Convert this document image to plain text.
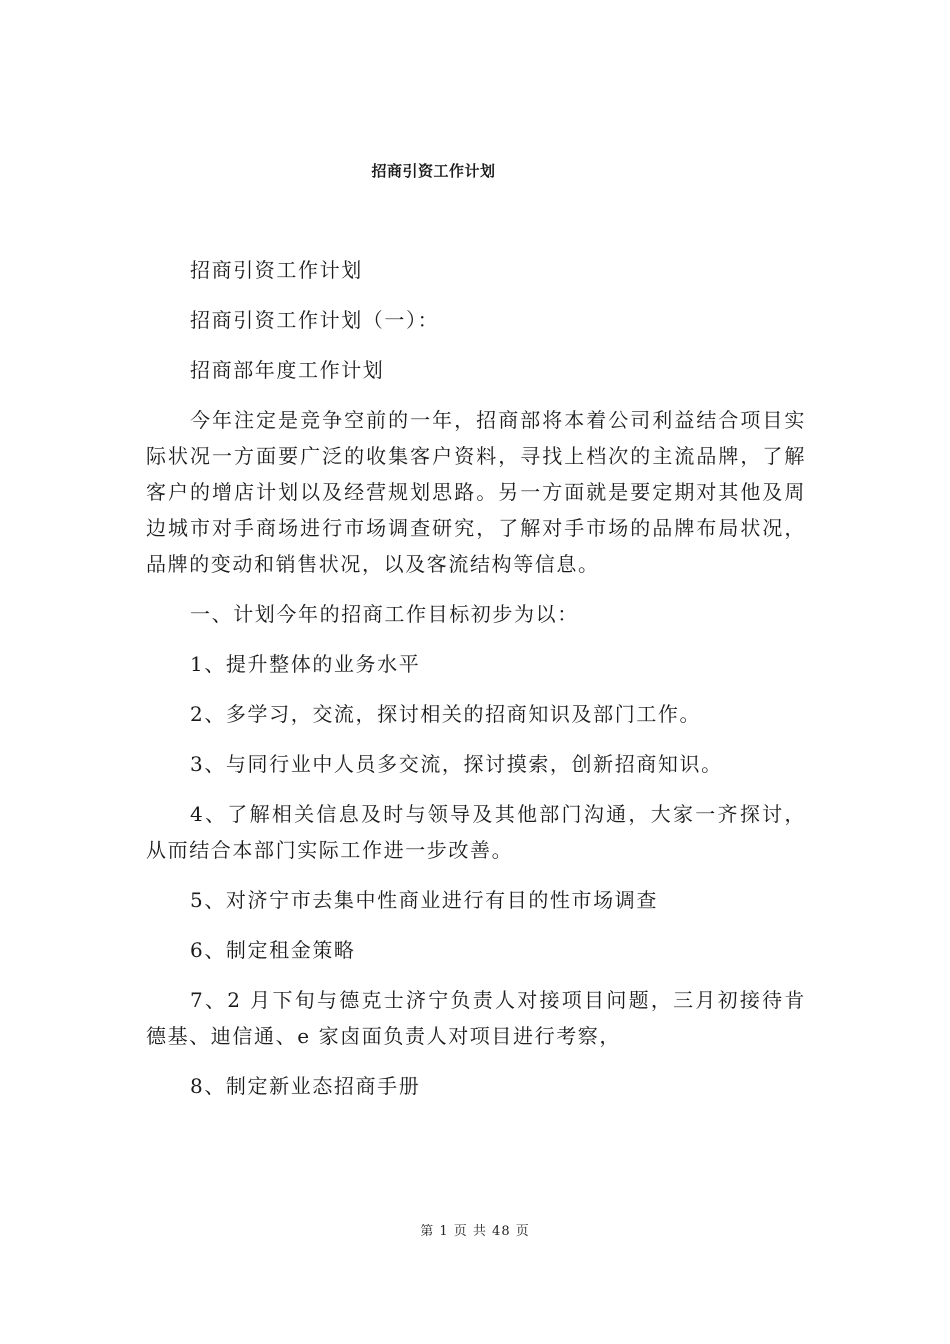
招商引资工作计划

招商引资工作计划

招商引资工作计划（一）：

招商部年度工作计划

今年注定是竞争空前的一年，招商部将本着公司利益结合项目实际状况一方面要广泛的收集客户资料，寻找上档次的主流品牌，了解客户的增店计划以及经营规划思路。另一方面就是要定期对其他及周边城市对手商场进行市场调查研究，了解对手市场的品牌布局状况，品牌的变动和销售状况，以及客流结构等信息。

一、计划今年的招商工作目标初步为以：

1、提升整体的业务水平

2、多学习，交流，探讨相关的招商知识及部门工作。

3、与同行业中人员多交流，探讨摸索，创新招商知识。

4、了解相关信息及时与领导及其他部门沟通，大家一齐探讨，从而结合本部门实际工作进一步改善。

5、对济宁市去集中性商业进行有目的性市场调查

6、制定租金策略

7、2 月下旬与德克士济宁负责人对接项目问题，三月初接待肯德基、迪信通、e 家卤面负责人对项目进行考察，

8、制定新业态招商手册

第 1 页 共 48 页
